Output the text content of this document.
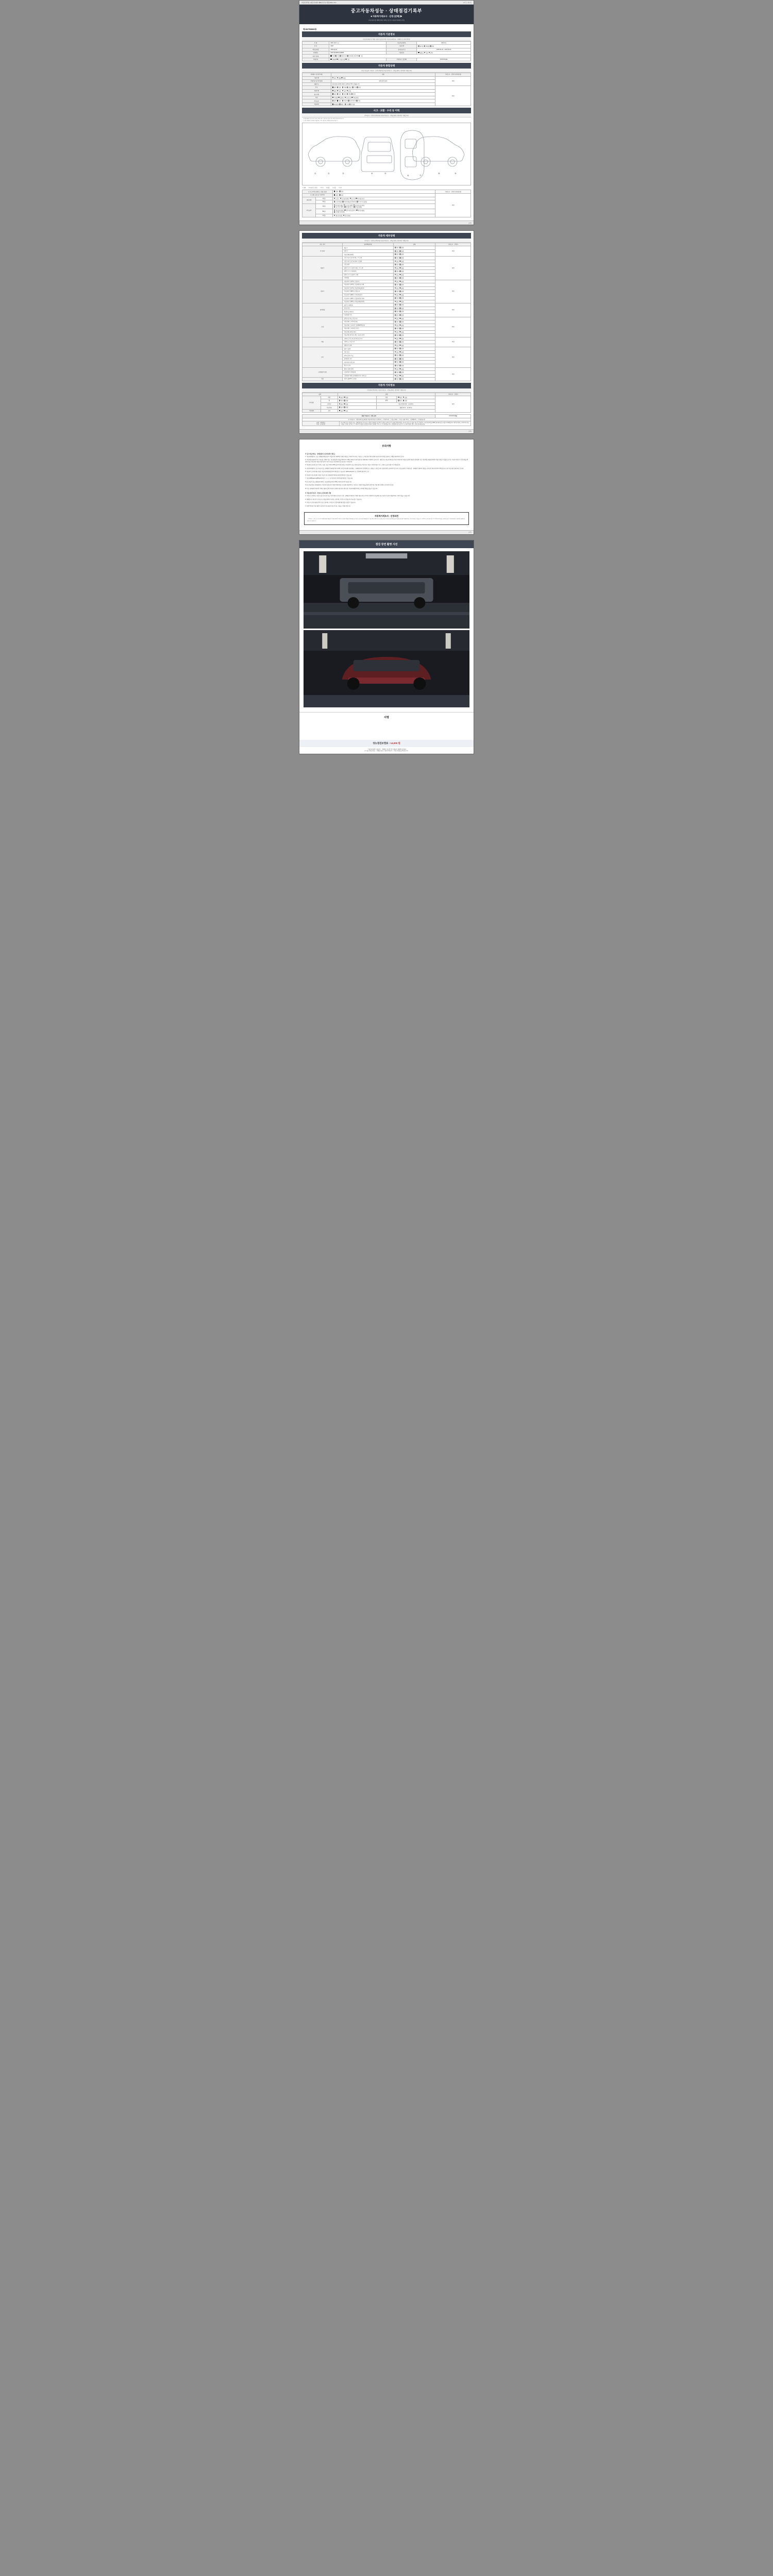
자동차관리법 시행규칙 [별지 제82호서식] <개정 2021.1.15.>	(3쪽 중 제1쪽)
중고자동차성능 · 상태점검기록부
■ 자동차가격조사 · 산정 (선택) ▶
(자동차관리법 제58조제1항·제4항, 같은 법 시행규칙 제120조 관련)
제 2627503832호
자동차 기본정보
(자동차등록증에 기재된 사항과 동일여부 확인·자동차등록번호판 · 차대번호 등 인터넷 확인)
차 명	G90 (제네시스)	자동차등록번호	132가4호
연 식	2026	사용이력	대여용 영업용 관용
최초등록일	2026-02-03	검사유효기간	2026-02-03 ~ 2031-02-02
차대번호	KMTHA51B07LD29905	사용연료	휘발유 경유 LPG
변속기종류	자동 수동 세미오토 무단변속기(CVT) 기타		
주행거리	GAWR 주 보증수량 기타	주행거리 기준(계)	0 0 0 0 0 km
자동차 종합상태
(주요 주요골격, 가격조사 · 산정자 확인사항 자동차가격조사 · 산정을 원하는 경우에만 기재합니다)
상태표시 및 평가내용	내용	가격조사 · 산정자 평가(감점)
사용이력	렌트 영업 관용	적정
주행거리 및 계기상태	현재 (계기) km	
배출가스	일산화탄소(CO) 탄화수소(HC) 0.7%, 1.0ppm, %	
튜닝	없음 있음   적법 불법   구조 장치	적정
특별이력	없음 있음   침수 화재	
용도변경	없음 있음   렌트 영업 관용	
색상	무채색 유채색   전부도색 색상변경	
주요옵션	없음 있음   썬루프 내비게이션 기타	
리콜대상	해당없음 해당   이행 미이행	
사고 · 교환 · 수리 등 이력
(가격조사 · 산정자 및 확인사항 자동차가격조사 · 산정을 원하는 경우에만 기재합니다)
※ (판금 또는 용접 수리가 있는 경우) 교환 · 판금 등이 있는 경우 해당 부위에 표기합니다.
※ 하단 상태표시 항목에 기준(단위), 기타 자동차는 상태에 따라 표기합니다.
①	②	③	④	⑤
⑥	⑦
⑧	⑨
X 교환	W 판금 또는 용접	C 부식	A 흠집	U 요철	T 손상
※ 사고이력 (보험사고 내용 포함)		없음   있음	가격조사 · 산정자 평가(감점)
※ 교환, 판금 등 이상부위		없음   있음	적정
외판부위	1랭크	1.후드  2.프론트펜더  3.도어  4.트렁크리드	
	2랭크	5.루프패널  6.쿼터패널(리어펜더)  7.사이드실패널	
주요골격	A랭크	8.프론트패널  9.크로스멤버  10.인사이드패널
11.사이드멤버  12.휠하우스  13.대쉬패널	
	B랭크	14.플로어패널  15.트렁크플로어  16.리어패널
17.패키지트레이	
	C랭크	18.루프레일  19.프레임	
(3쪽)
자동차 세부상태
(가격조사 · 산정자 및 확인사항 자동차가격조사 · 산정을 원하는 경우에만 기재합니다)
주요 장치	항목/해당부품	상태	가격조사 · 산정자
자기진단	원동기	양호  불량	적정
	변속기	양호  불량	
	작동상태(공회전)	양호  불량	
원동기	오일 누유 | 실린더 헤드 / 가스켓	양호  불량	적정
	오일 누유 | 실린더 블록 / 오일팬	양호  불량	
	오일 유량	양호  불량	
	냉각수 누수 | 실린더 헤드 / 가스켓	양호  불량	
	냉각수 누수 | 워터펌프	양호  불량	
	냉각수 누수 | 냉각수 수량	양호  불량	
	커먼레일	양호  불량	
변속기	자동변속기 (A/T) | 오일누유	양호  불량	적정
	자동변속기 (A/T) | 오일유량 및 상태	양호  불량	
	자동변속기 (A/T) | 작동상태(공회전)	양호  불량	
	수동변속기 (M/T) | 오일누유	양호  불량	
	수동변속기 (M/T) | 기어변속장치	양호  불량	
	수동변속기 (M/T) | 오일유량 및 상태	양호  불량	
	수동변속기 (M/T) | 작동상태(공회전)	양호  불량	
동력전달	클러치 어셈블리	양호  불량	적정
	등속조인트	양호  불량	
	추진축 및 베어링	양호  불량	
	디퍼렌셜 기어	양호  불량	
조향	동력조향 작동 오일 누유	양호  불량	적정
	작동상태 | 스티어링 펌프	양호  불량	
	작동상태 | 스티어링 기어(MDPS포함)	양호  불량	
	작동상태 | 스티어링 조인트	양호  불량	
	작동상태 | 파워크랭크	양호  불량	
	작동상태 | 타이로드엔드 및 볼 조인트	양호  불량	
제동	브레이크 마스터 실린더오일 누유	양호  불량	적정
	브레이크 오일 누유	양호  불량	
	배력장치 상태	양호  불량	
전기	발전기 출력	양호  불량	적정
	시동 모터	양호  불량	
	와이퍼 정지 기능	양호  불량	
	실내송풍 모터	양호  불량	
	라디에이터 팬 모터	양호  불량	
	윈도우 모터	양호  불량	
고전원전기장치	충전구 절연 상태	양호  불량	적정
	구동축전지 격리상태	양호  불량	
	고전원전기배선 상태(접속단자, 피복 등)	양호  불량	
연료	연료누출(LP가스포함)	양호  불량	
자동차 기타정보
(가) 항목은 확인하신 자동차가격조사 · 산정을 원하는 경우에만 기재합니다)
항목		상태			가격조사 · 산정자
수리필요	외장	양호  불량	내장	양호  불량	적정
	휠	양호  불량	광택	양호  불량	
	타이어	양호  불량	윈도우(앞 좌/우 · 뒤 좌/우)		
	주요부품	양호  불량	휠(앞 좌/우 · 뒤 좌/우)		
기본품목	보유	없음  있음			
최종 가격조사 · 산정 금액		0 0 0 0 0 만원
※ 가격조사 · 산정자에 성능점검인 자동차가격조사·산정자 (　) 기준가격 (　) 성능·상태 (　) 사고·교환·수리 (　) 선택품목 (　) 가감점조정		
금액 · 내부검사
가격 · 조사산정	위 금액은 중고자동차 성능·상태점검 및 가격조사·산정의 결과를 참고하여 산정한 금액으로서 실제 거래금액과는 차이가 있을 수 있습니다. 본 기록부는 자동차관리법 제58조에 따라 중고자동차 매매업자가 매수인에게 고지하여야 하는 사항을 기재한 것이며, 이 기록부의 내용은 점검일 현재의 상태를 기준으로 작성되었습니다. 보증범위 및 보증기간 등 세부사항은 별도 보증서에 따릅니다.	
(3쪽)
유의사항
※ 중고자동차성능 · 상태점검의 보증에 관한 사항 등

1. 자동차매매업자는 성능·상태점검책임보험이 가입된 경우 제2쪽에 기재한 내용을 고지하지 아니하고 거짓으로 고지할 경우 매수인에게 자동차 관리기본법 보장하는 손해를 배상하여야 합니다.

2. 자동차양도대금(이자가 거짓 없는 상태가 있는 성능점검결과 내용을 확인하여 이해한 상태인지 점검·점검 및 거래에 따라 지정하여 납세 산정 · 내용 등) 등 매도인에게 중고자동차 매수인의 저당권 설정에 제공한 정비업체 기준, 자동차양도대금(인계하여 이를 산정할 수 있음)으로 하는 자동차가격조사·산정 내용을 확인하여 중고자동차에 기입한 각종자료의 기준이 되므로 보증 확인사항 참조하시기 바랍니다.

3. 자동차(신규등록 보증기간이 도 있음, 성능기계의 1,000 킬로미터에 한하는) 이상경우의 성능·상태 보증에 근거합니다. 거래 시 하자에 대한 기간, 그 밖의 도급의 진행 기간 적용됩니다.

4. 자동차매매업자는 중고자동차 성능·상태점검기록부를 매수인에게 교부할 때 현행 자동차양도 · 상태점검자의 보증범위 또는 교환을 고시를 합니다. 점검자에게 교부하여야 합니다. 및 성능점검인 기재한사항 · 상태점검기록부의 내용을 교부(교부 제시)에 의하여 확인합니다. 또한 자동차를 공표된다고 합니다.

5. 자동차의 소유에 대한 사항은 자동차등록원부를 통하여 확인할 수 있습니다. (www.ecar.go.kr 또는 정부24 민원서비스 등)

6. 자동차의 성능에 대한 사항은 자동차 성능·상태점검기록부를 통하여 확인할 수 있습니다.

7. 자동차365(www.car365.go.kr)에서 ◇◇◇◇ 및 자동차의 이력정보를 확인할 수 있습니다.

8. 중고자동차 성능·상태점검기록부는 성능점검일로부터 120일 이내에 한하여 유효합니다.

9. 중고자동차성능·상태점검자는 자동차가 점검 전 본 점검자에게 제공 구조변경, 특별이력 등 거짓 또는 과장된 내용을 발견한 경우에는 이를 매수인에게 고지하여야 합니다.

10. 성능·상태점검기록부에 기재한 내용과 실제 자동차의 상태가 다른 경우 매수인은 자동차매매업자에게 그에 대한 책임을 물을 수 있습니다.

※ 자동차가격조사 · 산정의 보증에 관한 사항

1. 가격조사·산정자는 사용자 성능기준 등과 성능기준에 따라 가격조사·산정 · 상태점검기록부에 기재된 내용 등에 근거하여 산정하며 산정금액은 참고자료로서 실제 거래금액과는 차이가 있을 수 있습니다.

2. 매매업자는 매수인이 가격조사·산정을 원하지 아니하는 경우에는 가격조사·산정을 하지 아니할 수 있습니다.

3. 가격조사·산정 내용에 이의가 있는 경우에는 가격조사·산정자에게 재산정을 요청할 수 있습니다.

4. 특별기재사항 기재 내용은 자동차의 가치 판단에 참고가 되는 사항을 기재한 것입니다.

자동차가격조사 · 산정의견
「가격조사 · 산정」은 소비자가 매매차량을 매입하기 전에 차량의 가격조사·산정을 의뢰한 경우에만 실시하며, 중고자동차 매매업자가 자동차의 가격을 조사·산정한 것이 아니며 산정금액은 참고자료일 뿐 실제 거래금액과는 차이가 있을 수 있습니다. 가격조사·산정 결과 및 근거 가격조사의 권한 구체적인 참고 사항에 대하여 구체적인 설명에 유의하시기 바랍니다.
(3쪽)
점검 장면 촬영 사진
서명
성능점검보험료 : 14,000 원
「자동차관리법 시행규칙」 제120조 및 같은 법 시행규칙 제120조에 따라
[ 1 ] 중고자동차성능 · 상태를 점검, [ 자동차가격조사 · 산정 ] 하였음을 확인합니다.
